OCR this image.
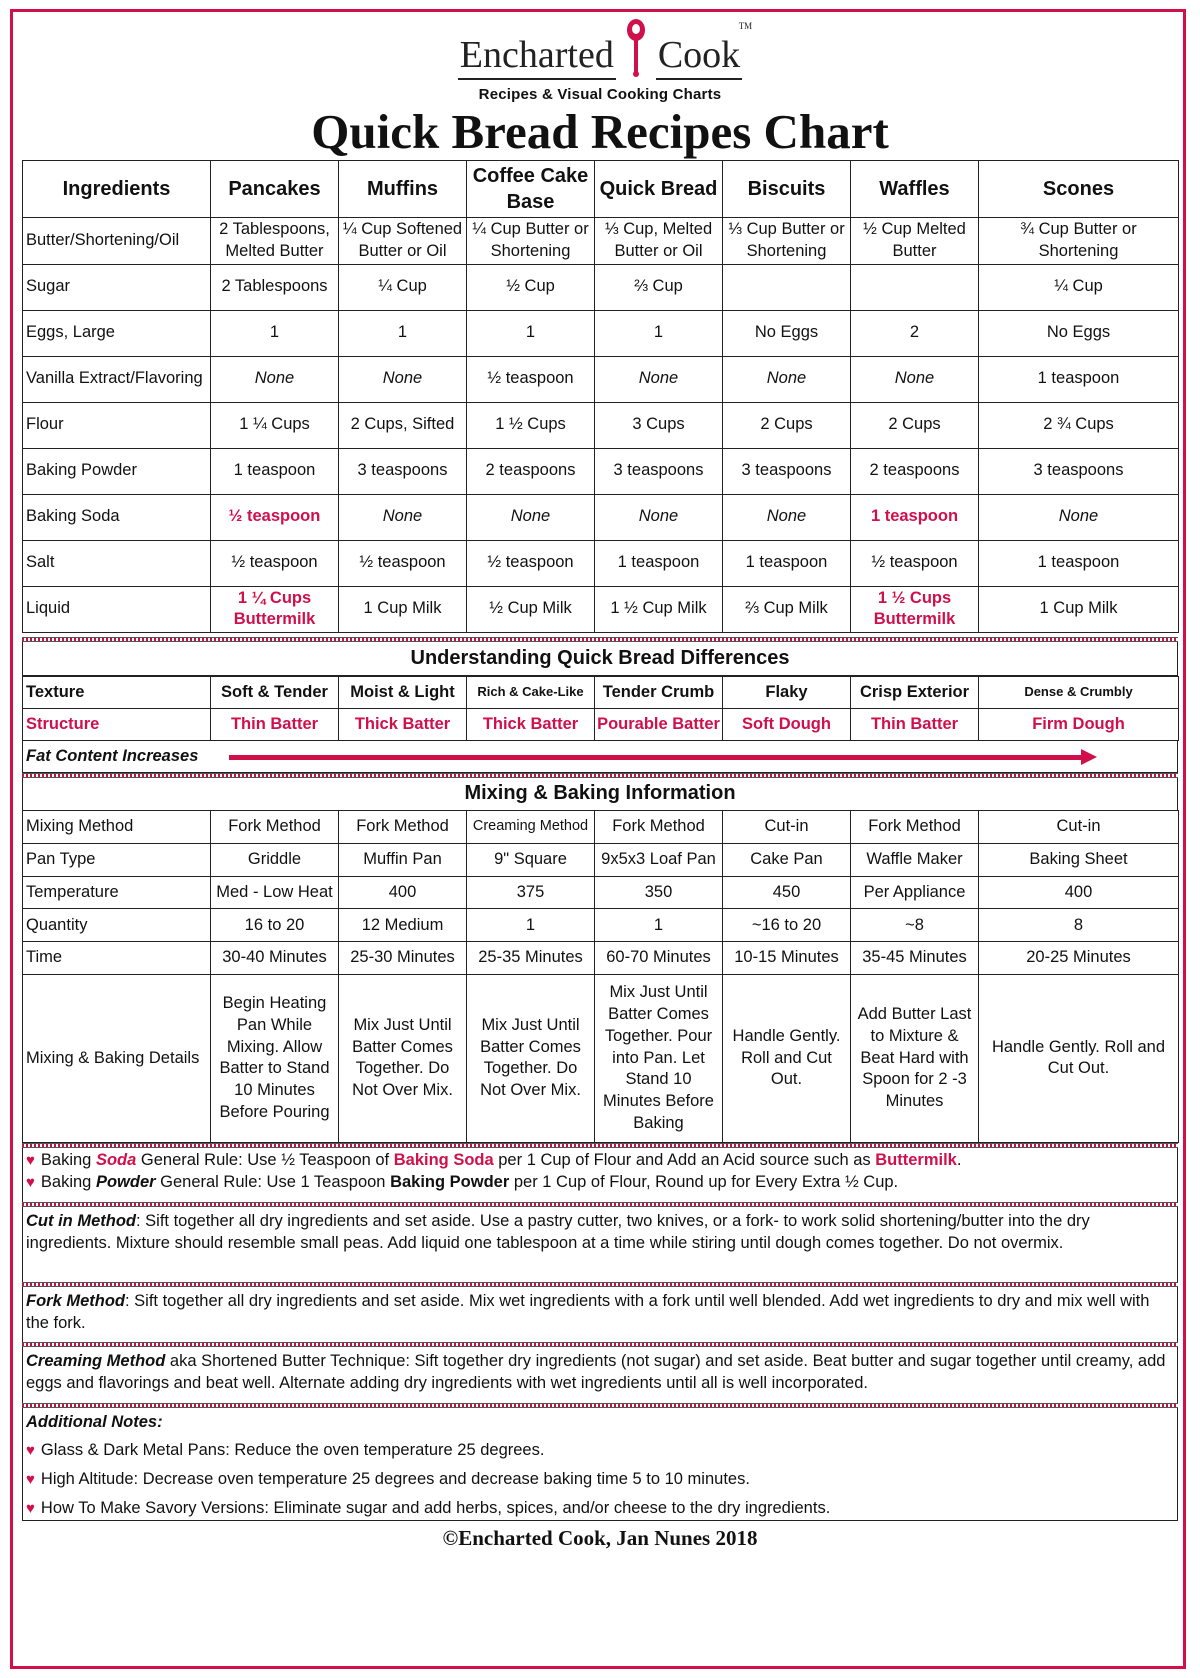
Encharted Cook
TM
Recipes & Visual Cooking Charts
Quick Bread Recipes Chart
Ingredients	Pancakes	Muffins	Coffee Cake Base	Quick Bread	Biscuits	Waffles	Scones
Butter/Shortening/Oil	2 Tablespoons, Melted Butter	¼ Cup Softened Butter or Oil	¼ Cup Butter or Shortening	⅓ Cup, Melted Butter or Oil	⅓ Cup Butter or Shortening	½ Cup Melted Butter	¾ Cup Butter or Shortening
Sugar	2 Tablespoons	¼ Cup	½ Cup	⅔ Cup			¼ Cup
Eggs, Large	1	1	1	1	No Eggs	2	No Eggs
Vanilla Extract/Flavoring	None	None	½ teaspoon	None	None	None	1 teaspoon
Flour	1 ¼ Cups	2 Cups, Sifted	1 ½ Cups	3 Cups	2 Cups	2 Cups	2 ¾ Cups
Baking Powder	1 teaspoon	3 teaspoons	2 teaspoons	3 teaspoons	3 teaspoons	2 teaspoons	3 teaspoons
Baking Soda	½ teaspoon	None	None	None	None	1 teaspoon	None
Salt	½ teaspoon	½ teaspoon	½ teaspoon	1 teaspoon	1 teaspoon	½ teaspoon	1 teaspoon
Liquid	1 ¼ Cups Buttermilk	1 Cup Milk	½ Cup Milk	1 ½ Cup Milk	⅔ Cup Milk	1 ½ Cups Buttermilk	1 Cup Milk
Understanding Quick Bread Differences
Texture	Soft & Tender	Moist & Light	Rich & Cake-Like	Tender Crumb	Flaky	Crisp Exterior	Dense & Crumbly
Structure	Thin Batter	Thick Batter	Thick Batter	Pourable Batter	Soft Dough	Thin Batter	Firm Dough
Fat Content Increases
Mixing & Baking Information
Mixing Method	Fork Method	Fork Method	Creaming Method	Fork Method	Cut-in	Fork Method	Cut-in
Pan Type	Griddle	Muffin Pan	9" Square	9x5x3 Loaf Pan	Cake Pan	Waffle Maker	Baking Sheet
Temperature	Med - Low Heat	400	375	350	450	Per Appliance	400
Quantity	16 to 20	12 Medium	1	1	~16 to 20	~8	8
Time	30-40 Minutes	25-30 Minutes	25-35 Minutes	60-70 Minutes	10-15 Minutes	35-45 Minutes	20-25 Minutes
Mixing & Baking Details	Begin Heating Pan While Mixing. Allow Batter to Stand 10 Minutes Before Pouring	Mix Just Until Batter Comes Together. Do Not Over Mix.	Mix Just Until Batter Comes Together. Do Not Over Mix.	Mix Just Until Batter Comes Together. Pour into Pan. Let Stand 10 Minutes Before Baking	Handle Gently. Roll and Cut Out.	Add Butter Last to Mixture & Beat Hard with Spoon for 2 -3 Minutes	Handle Gently. Roll and Cut Out.
♥ Baking Soda General Rule: Use ½ Teaspoon of Baking Soda per 1 Cup of Flour and Add an Acid source such as Buttermilk.
♥ Baking Powder General Rule: Use 1 Teaspoon Baking Powder per 1 Cup of Flour, Round up for Every Extra ½ Cup.
Cut in Method: Sift together all dry ingredients and set aside. Use a pastry cutter, two knives, or a fork- to work solid shortening/butter into the dry ingredients. Mixture should resemble small peas. Add liquid one tablespoon at a time while stiring until dough comes together. Do not overmix.
Fork Method: Sift together all dry ingredients and set aside. Mix wet ingredients with a fork until well blended. Add wet ingredients to dry and mix well with the fork.
Creaming Method aka Shortened Butter Technique: Sift together dry ingredients (not sugar) and set aside. Beat butter and sugar together until creamy, add eggs and flavorings and beat well. Alternate adding dry ingredients with wet ingredients until all is well incorporated.
Additional Notes:
♥ Glass & Dark Metal Pans: Reduce the oven temperature 25 degrees.
♥ High Altitude: Decrease oven temperature 25 degrees and decrease baking time 5 to 10 minutes.
♥ How To Make Savory Versions: Eliminate sugar and add herbs, spices, and/or cheese to the dry ingredients.
©Encharted Cook, Jan Nunes 2018
